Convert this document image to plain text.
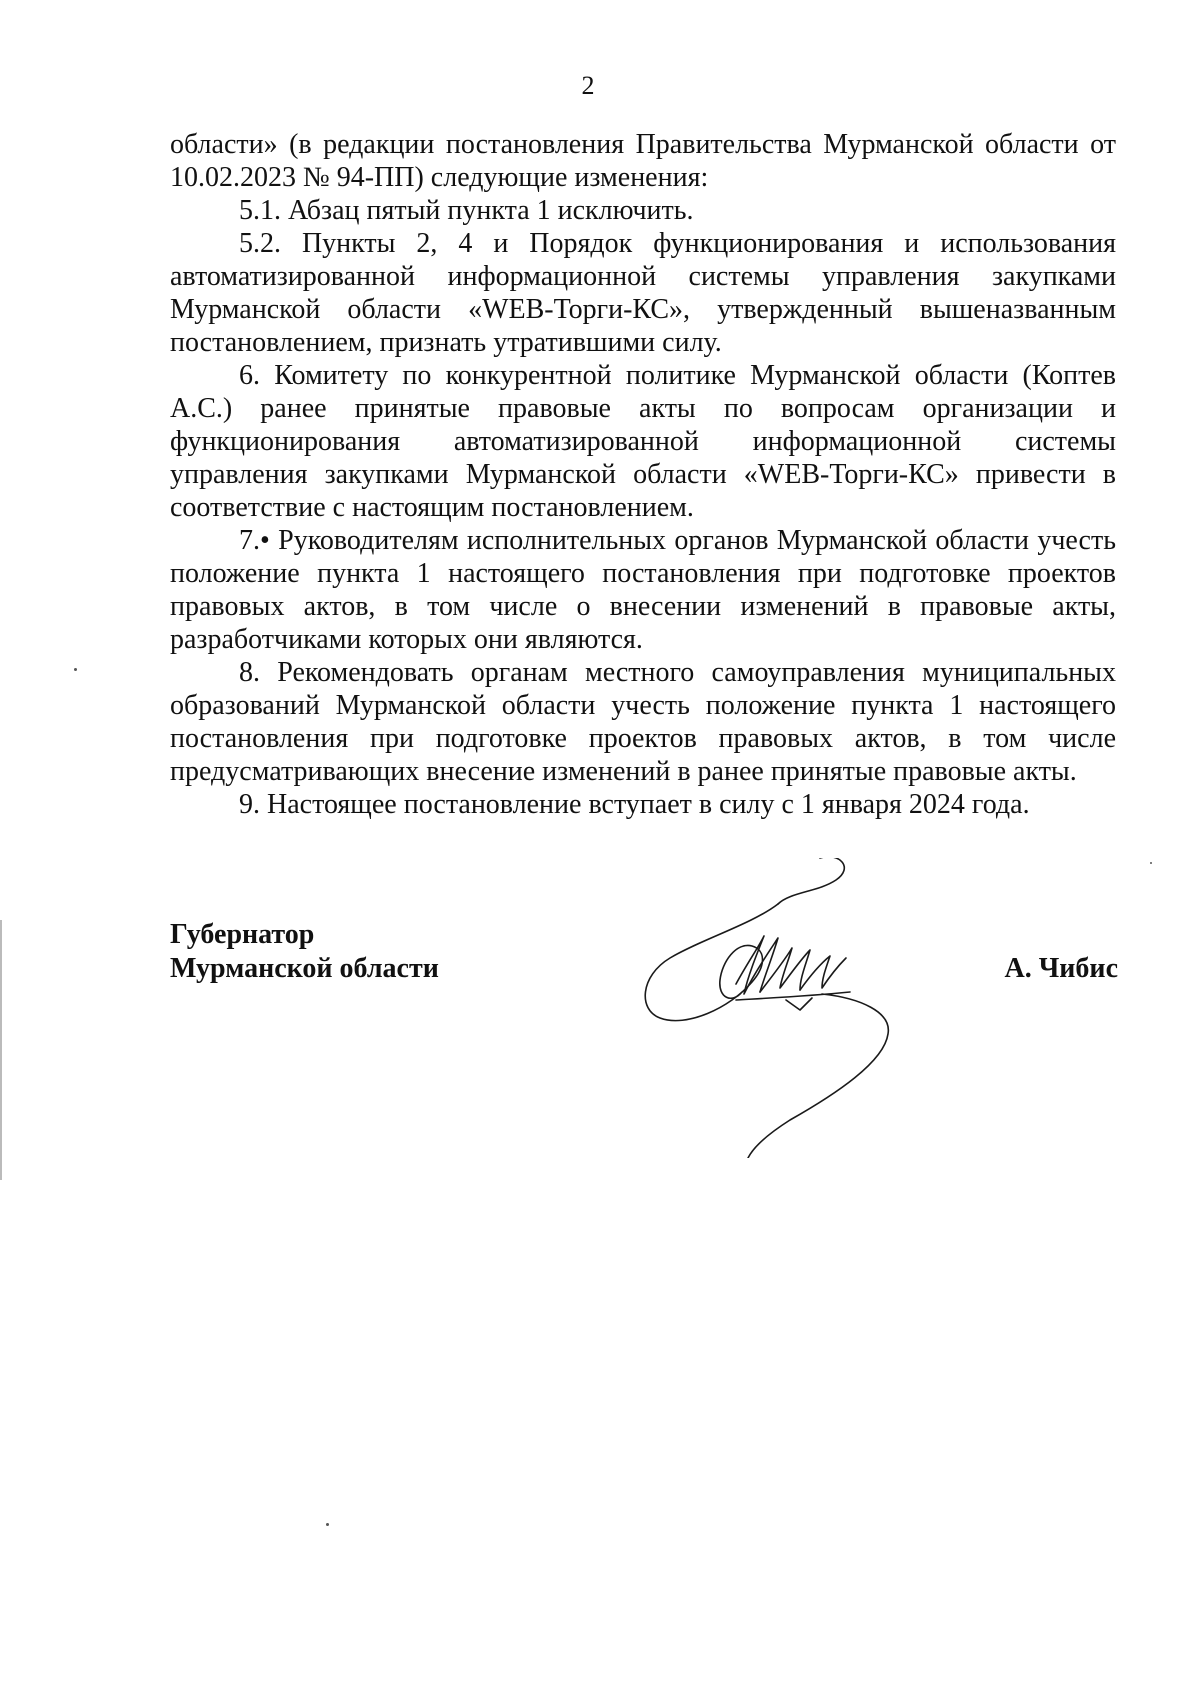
2

области» (в редакции постановления Правительства Мурманской области от 10.02.2023 № 94-ПП) следующие изменения:

5.1. Абзац пятый пункта 1 исключить.

5.2. Пункты 2, 4 и Порядок функционирования и использования автоматизированной информационной системы управления закупками Мурманской области «WEB-Торги-КС», утвержденный вышеназванным постановлением, признать утратившими силу.

6. Комитету по конкурентной политике Мурманской области (Коптев А.С.) ранее принятые правовые акты по вопросам организации и функционирования автоматизированной информационной системы управления закупками Мурманской области «WEB-Торги-КС» привести в соответствие с настоящим постановлением.

7.• Руководителям исполнительных органов Мурманской области учесть положение пункта 1 настоящего постановления при подготовке проектов правовых актов, в том числе о внесении изменений в правовые акты, разработчиками которых они являются.

8. Рекомендовать органам местного самоуправления муниципальных образований Мурманской области учесть положение пункта 1 настоящего постановления при подготовке проектов правовых актов, в том числе предусматривающих внесение изменений в ранее принятые правовые акты.

9. Настоящее постановление вступает в силу с 1 января 2024 года.

Губернатор
Мурманской области	А. Чибис
